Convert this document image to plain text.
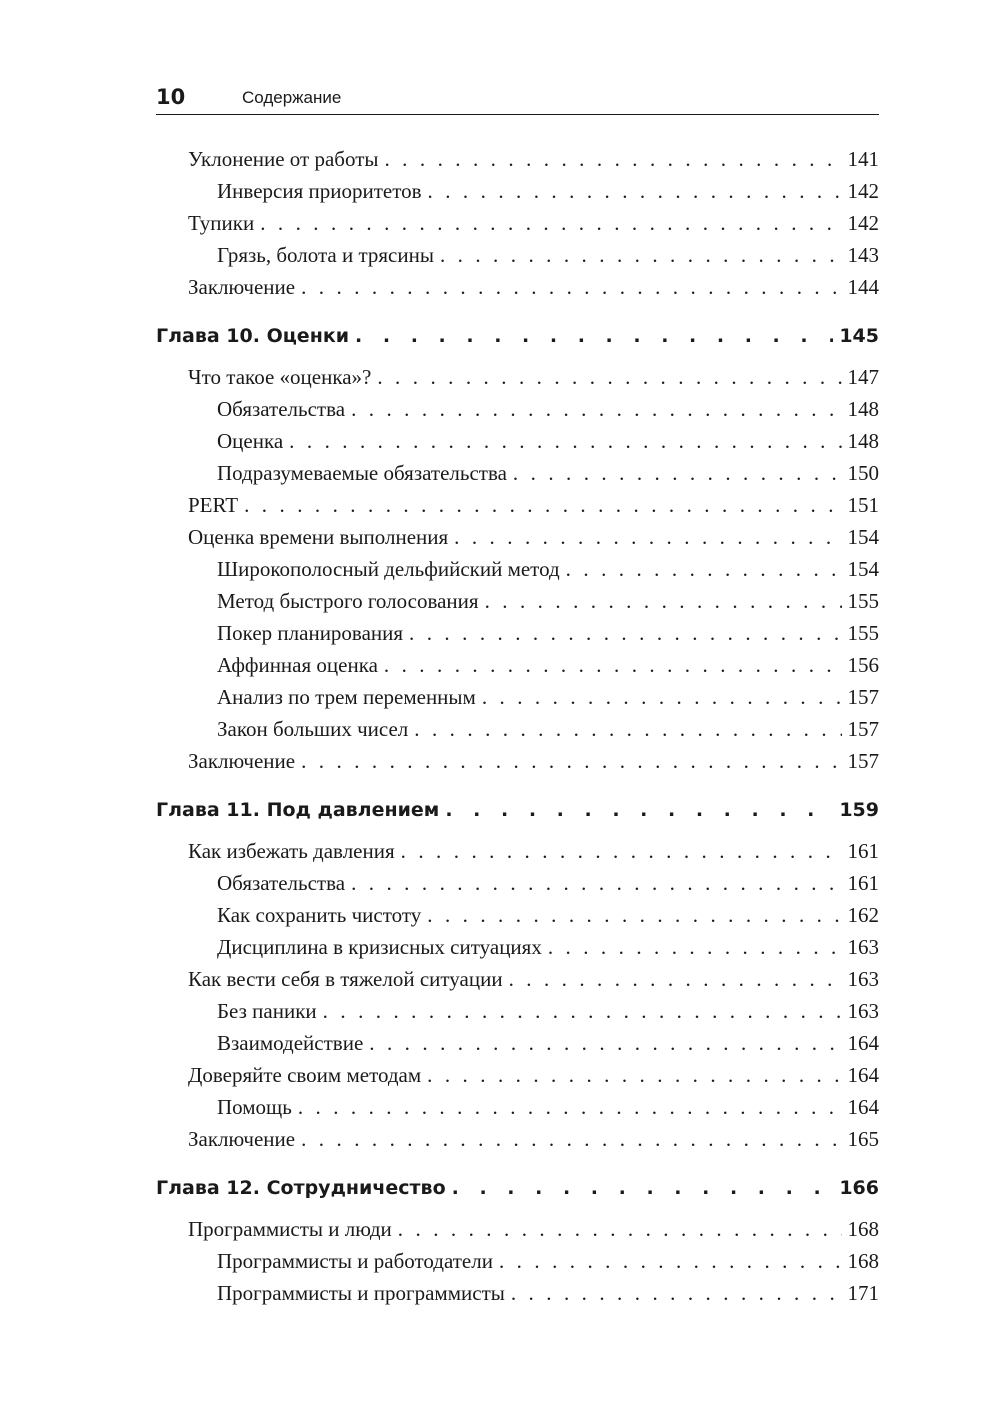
10	Содержание
Уклонение от работы . . .	141
Инверсия приоритетов . . .	142
Тупики . . .	142
Грязь, болота и трясины . . .	143
Заключение . . .	144
Глава 10. Оценки . . .	145
Что такое «оценка»? . . .	147
Обязательства . . .	148
Оценка . . .	148
Подразумеваемые обязательства . . .	150
PERT . . .	151
Оценка времени выполнения . . .	154
Широкополосный дельфийский метод . . .	154
Метод быстрого голосования . . .	155
Покер планирования . . .	155
Аффинная оценка . . .	156
Анализ по трем переменным . . .	157
Закон больших чисел . . .	157
Заключение . . .	157
Глава 11. Под давлением . . .	159
Как избежать давления . . .	161
Обязательства . . .	161
Как сохранить чистоту . . .	162
Дисциплина в кризисных ситуациях . . .	163
Как вести себя в тяжелой ситуации . . .	163
Без паники . . .	163
Взаимодействие . . .	164
Доверяйте своим методам . . .	164
Помощь . . .	164
Заключение . . .	165
Глава 12. Сотрудничество . . .	166
Программисты и люди . . .	168
Программисты и работодатели . . .	168
Программисты и программисты . . .	171
